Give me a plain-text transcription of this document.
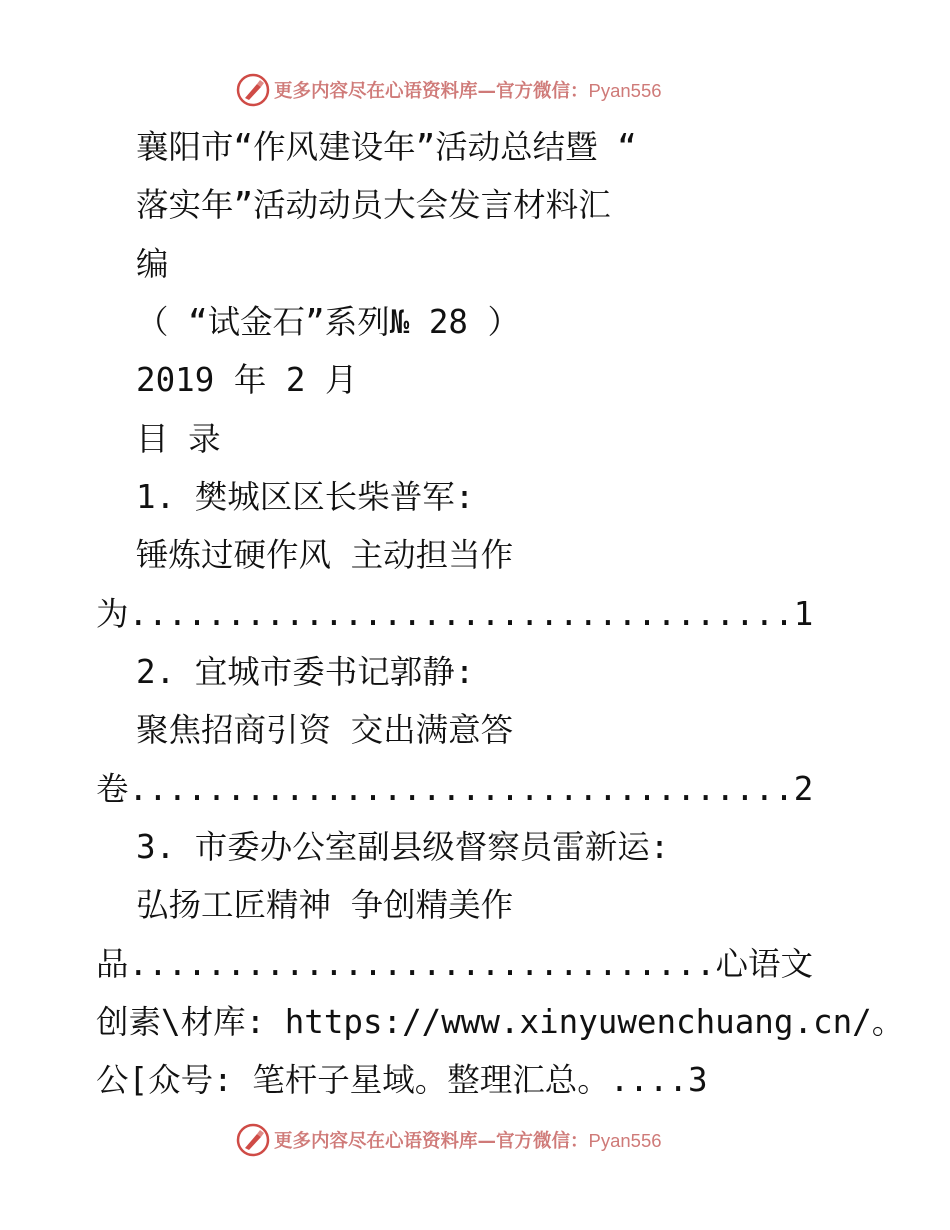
更多内容尽在心语资料库—官方微信：Pyan556
襄阳市“作风建设年”活动总结暨 “
落实年”活动动员大会发言材料汇
编
（ “试金石”系列№ 28 ）
2019 年 2 月
目 录
1. 樊城区区长柴普军:
锤炼过硬作风 主动担当作
为..................................1
2. 宜城市委书记郭静:
聚焦招商引资 交出满意答
卷..................................2
3. 市委办公室副县级督察员雷新运:
弘扬工匠精神 争创精美作
品..............................心语文
创素\材库: https://www.xinyuwenchuang.cn/。
公[众号: 笔杆子星域。整理汇总。....3
更多内容尽在心语资料库—官方微信：Pyan556
